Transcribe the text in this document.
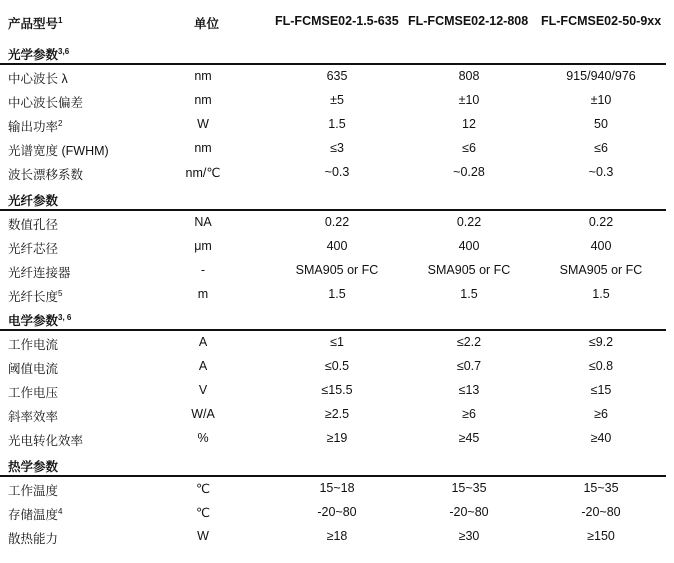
产品型号$^1$	单位	FL-FCMSE02-1.5-635 FL-FCMSE02-12-808 FL-FCMSE02-50-9xx
光学参数$^{3,6}$
中心波长 λ	nm	635	808	915/940/976
中心波长偏差	nm	±5	±10	±10
输出功率$^2$	W	1.5	12	50
光谱宽度 (FWHM)	nm	≤3	≤6	≤6
波长漂移系数	nm/℃	~0.3	~0.28	~0.3
光纤参数
数值孔径	NA	0.22	0.22	0.22
光纤芯径	μm	400	400	400
光纤连接器	-	SMA905 or FC	SMA905 or FC	SMA905 or FC
光纤长度$^5$	m	1.5	1.5	1.5
电学参数$^{3, 6}$
工作电流	A	≤1	≤2.2	≤9.2
阈值电流	A	≤0.5	≤0.7	≤0.8
工作电压	V	≤15.5	≤13	≤15
斜率效率	W/A	≥2.5	≥6	≥6
光电转化效率	%	≥19	≥45	≥40
热学参数
工作温度	℃	15~18	15~35	15~35
存储温度$^4$	℃	-20~80	-20~80	-20~80
散热能力	W	≥18	≥30	≥150
